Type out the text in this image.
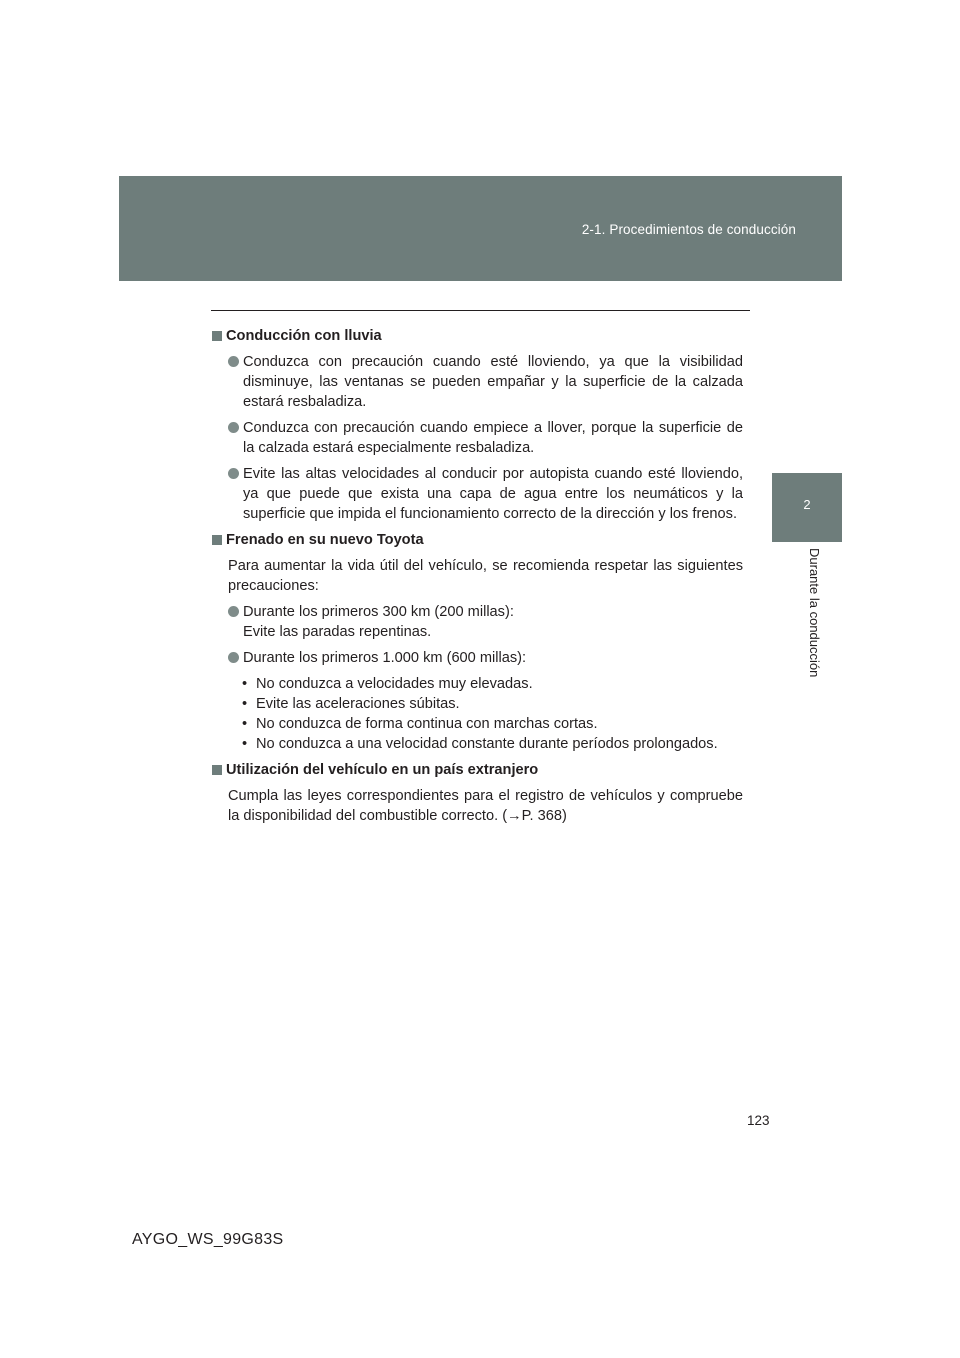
2-1. Procedimientos de conducción
2
Durante la conducción
Conducción con lluvia
Conduzca con precaución cuando esté lloviendo, ya que la visibilidad disminuye, las ventanas se pueden empañar y la superficie de la calzada estará resbaladiza.
Conduzca con precaución cuando empiece a llover, porque la superficie de la calzada estará especialmente resbaladiza.
Evite las altas velocidades al conducir por autopista cuando esté lloviendo, ya que puede que exista una capa de agua entre los neumáticos y la superficie que impida el funcionamiento correcto de la dirección y los frenos.
Frenado en su nuevo Toyota
Para aumentar la vida útil del vehículo, se recomienda respetar las siguientes precauciones:
Durante los primeros 300 km (200 millas):
Evite las paradas repentinas.
Durante los primeros 1.000 km (600 millas):
• No conduzca a velocidades muy elevadas.
• Evite las aceleraciones súbitas.
• No conduzca de forma continua con marchas cortas.
• No conduzca a una velocidad constante durante períodos prolongados.
Utilización del vehículo en un país extranjero
Cumpla las leyes correspondientes para el registro de vehículos y compruebe la disponibilidad del combustible correcto. (→P. 368)
123
AYGO_WS_99G83S
